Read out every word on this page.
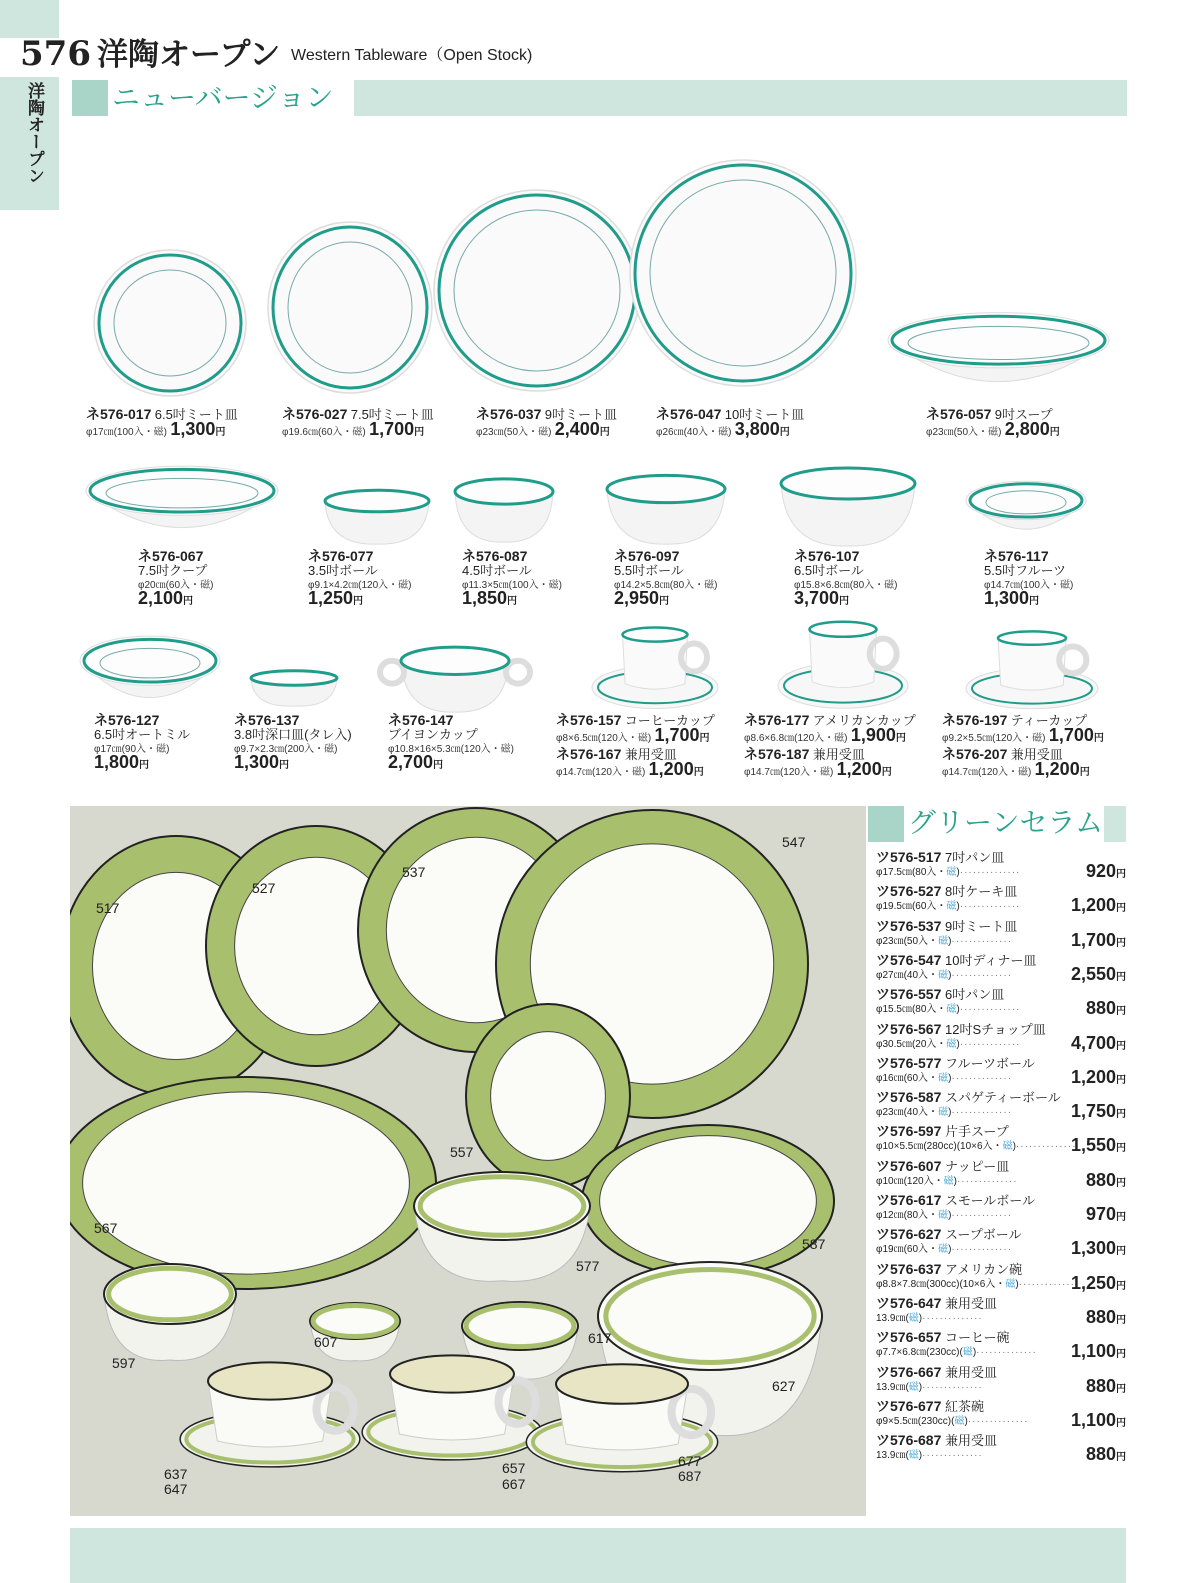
洋陶オープン
576 洋陶オープン Western Tableware（Open Stock)
ニューバージョン
ネ576-017 6.5吋ミート皿
φ17㎝(100入・磁) 1,300円
ネ576-027 7.5吋ミート皿
φ19.6㎝(60入・磁) 1,700円
ネ576-037 9吋ミート皿
φ23㎝(50入・磁) 2,400円
ネ576-047 10吋ミート皿
φ26㎝(40入・磁) 3,800円
ネ576-057 9吋スープ
φ23㎝(50入・磁) 2,800円
ネ576-067
7.5吋クープ
φ20㎝(60入・磁)
2,100円
ネ576-077
3.5吋ボール
φ9.1×4.2㎝(120入・磁)
1,250円
ネ576-087
4.5吋ボール
φ11.3×5㎝(100入・磁)
1,850円
ネ576-097
5.5吋ボール
φ14.2×5.8㎝(80入・磁)
2,950円
ネ576-107
6.5吋ボール
φ15.8×6.8㎝(80入・磁)
3,700円
ネ576-117
5.5吋フルーツ
φ14.7㎝(100入・磁)
1,300円
ネ576-127
6.5吋オートミル
φ17㎝(90入・磁)
1,800円
ネ576-137
3.8吋深口皿(タレ入)
φ9.7×2.3㎝(200入・磁)
1,300円
ネ576-147
ブイヨンカップ
φ10.8×16×5.3㎝(120入・磁)
2,700円
ネ576-157 コーヒーカップ
φ8×6.5㎝(120入・磁) 1,700円
ネ576-167 兼用受皿
φ14.7㎝(120入・磁) 1,200円
ネ576-177 アメリカンカップ
φ8.6×6.8㎝(120入・磁) 1,900円
ネ576-187 兼用受皿
φ14.7㎝(120入・磁) 1,200円
ネ576-197 ティーカップ
φ9.2×5.5㎝(120入・磁) 1,700円
ネ576-207 兼用受皿
φ14.7㎝(120入・磁) 1,200円
517
527
537
547
557
567
577
587
597
607	617
627
637
647
657
667
677
687
グリーンセラム
ツ576-517 7吋パン皿
φ17.5㎝(80入・磁)··············	920円
ツ576-527 8吋ケーキ皿
φ19.5㎝(60入・磁)··············	1,200円
ツ576-537 9吋ミート皿
φ23㎝(50入・磁)··············	1,700円
ツ576-547 10吋ディナー皿
φ27㎝(40入・磁)··············	2,550円
ツ576-557 6吋パン皿
φ15.5㎝(80入・磁)··············	880円
ツ576-567 12吋Sチョップ皿
φ30.5㎝(20入・磁)··············	4,700円
ツ576-577 フルーツボール
φ16㎝(60入・磁)··············	1,200円
ツ576-587 スパゲティーボール
φ23㎝(40入・磁)··············	1,750円
ツ576-597 片手スープ
φ10×5.5㎝(280cc)(10×6入・磁)··············
1,550円
ツ576-607 ナッピー皿
φ10㎝(120入・磁)··············	880円
ツ576-617 スモールボール
φ12㎝(80入・磁)··············	970円
ツ576-627 スープボール
φ19㎝(60入・磁)··············	1,300円
ツ576-637 アメリカン碗
φ8.8×7.8㎝(300cc)(10×6入・磁)··············
1,250円
ツ576-647 兼用受皿
13.9㎝(磁)··············	880円
ツ576-657 コーヒー碗
φ7.7×6.8㎝(230cc)(磁)·············· 1,100円
ツ576-667 兼用受皿
13.9㎝(磁)··············	880円
ツ576-677 紅茶碗
φ9×5.5㎝(230cc)(磁)·············· 1,100円
ツ576-687 兼用受皿
13.9㎝(磁)··············	880円
